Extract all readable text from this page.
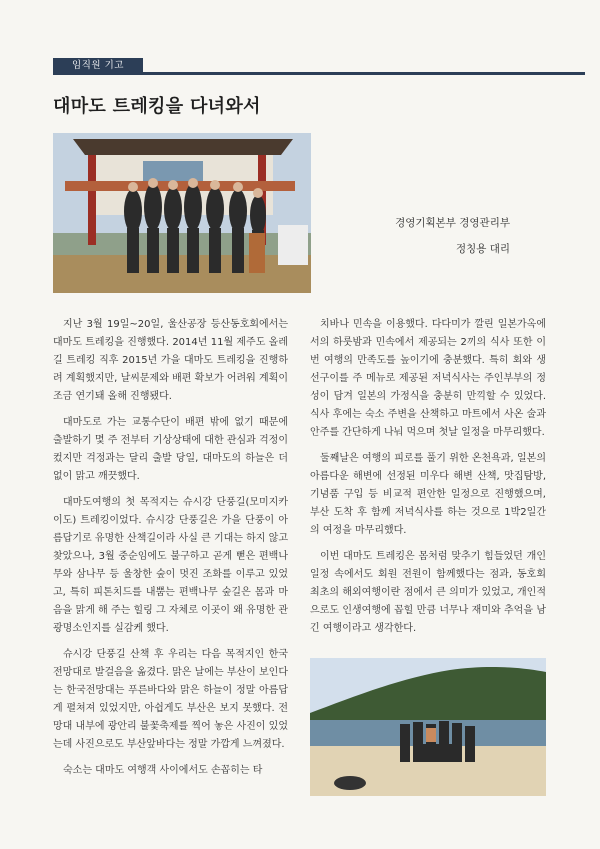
임직원 기고
대마도 트레킹을 다녀와서
경영기획본부 경영관리부
정칭용 대리

지난 3월 19일~20일, 울산공장 등산동호회에서는 대마도 트레킹을 진행했다. 2014년 11월 제주도 올레길 트레킹 직후 2015년 가을 대마도 트레킹을 진행하려 계획했지만, 날씨문제와 배편 확보가 어려워 계획이 조금 연기돼 올해 진행됐다.

대마도로 가는 교통수단이 배편 밖에 없기 때문에 출발하기 몇 주 전부터 기상상태에 대한 관심과 걱정이 컸지만 걱정과는 달리 출발 당일, 대마도의 하늘은 더 없이 맑고 깨끗했다.

대마도여행의 첫 목적지는 슈시강 단풍길(모미지카이도) 트레킹이었다. 슈시강 단풍길은 가을 단풍이 아름답기로 유명한 산책길이라 사실 큰 기대는 하지 않고 찾았으나, 3월 중순임에도 불구하고 곧게 뻗은 편백나무와 삼나무 등 울창한 숲이 멋진 조화를 이루고 있었고, 특히 피톤치드를 내뿜는 편백나무 숲길은 몸과 마음을 맑게 해 주는 힐링 그 자체로 이곳이 왜 유명한 관광명소인지를 실감케 했다.

슈시강 단풍길 산책 후 우리는 다음 목적지인 한국전망대로 발걸음을 옮겼다. 맑은 날에는 부산이 보인다는 한국전망대는 푸른바다와 맑은 하늘이 정말 아름답게 펼쳐져 있었지만, 아쉽게도 부산은 보지 못했다. 전망대 내부에 광안리 불꽃축제를 찍어 놓은 사진이 있었는데 사진으로도 부산앞바다는 정말 가깝게 느껴졌다.

숙소는 대마도 여행객 사이에서도 손꼽히는 타

치바나 민속을 이용했다. 다다미가 깔린 일본가옥에서의 하룻밤과 민속에서 제공되는 2끼의 식사 또한 이번 여행의 만족도를 높이기에 충분했다. 특히 회와 생선구이를 주 메뉴로 제공된 저녁식사는 주인부부의 정성이 담겨 일본의 가정식을 충분히 만끽할 수 있었다. 식사 후에는 숙소 주변을 산책하고 마트에서 사온 술과 안주를 간단하게 나눠 먹으며 첫날 일정을 마무리했다.

둘째날은 여행의 피로를 풀기 위한 온천욕과, 일본의 아름다운 해변에 선정된 미우다 해변 산책, 맛집탐방, 기념품 구입 등 비교적 편안한 일정으로 진행했으며, 부산 도착 후 함께 저녁식사를 하는 것으로 1박2일간의 여정을 마무리했다.

이번 대마도 트레킹은 몸처럼 맞추기 힘들었던 개인일정 속에서도 회원 전원이 함께했다는 점과, 동호회 최초의 해외여행이란 점에서 큰 의미가 있었고, 개인적으로도 인생여행에 꼽힐 만큼 너무나 재미와 추억을 남긴 여행이라고 생각한다.
